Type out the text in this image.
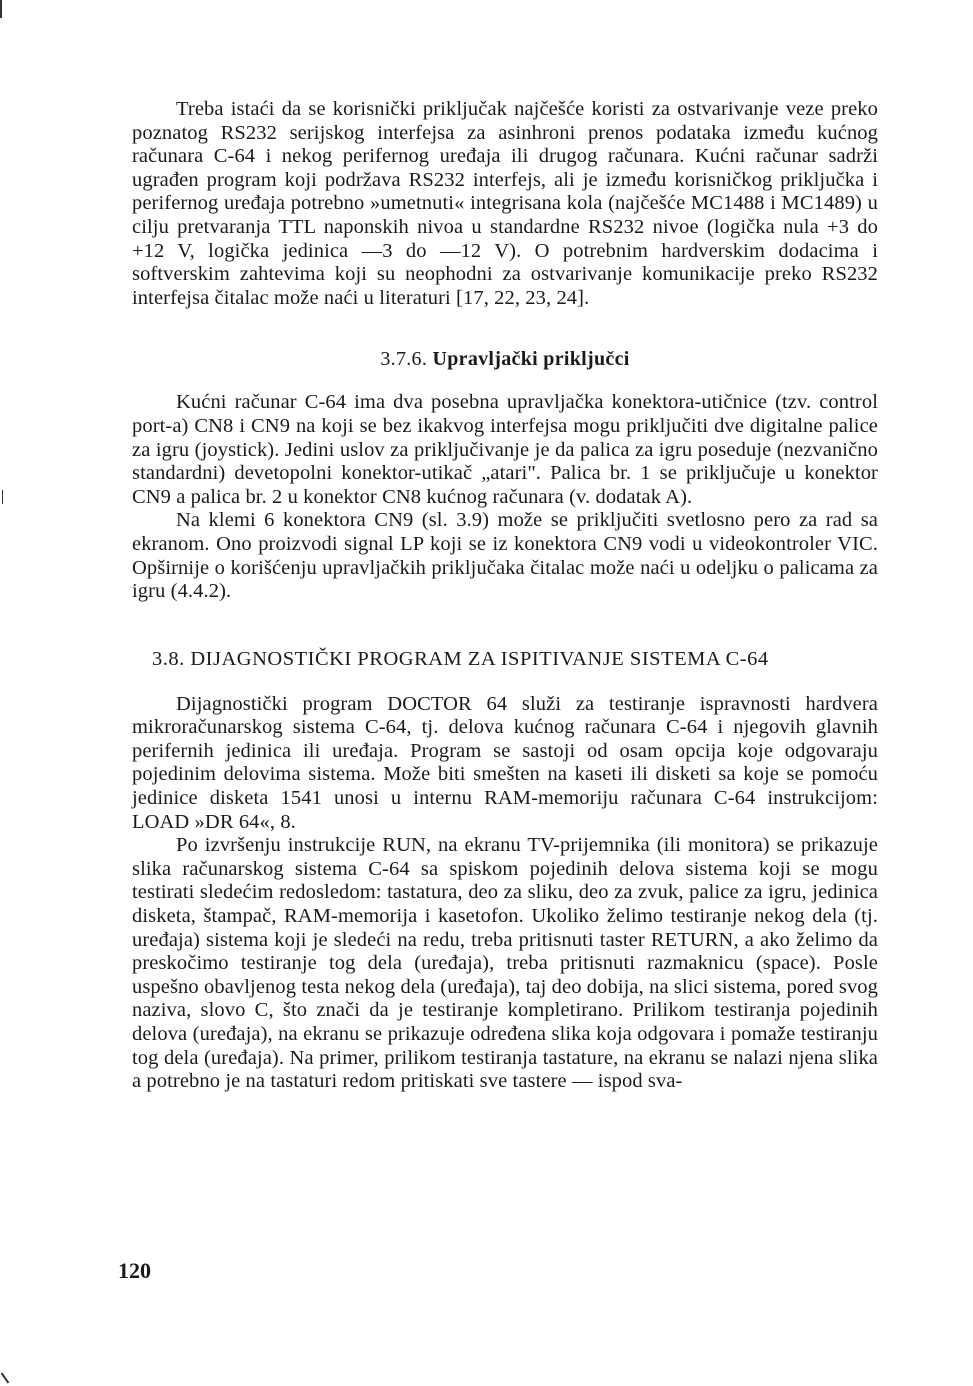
Treba istaći da se korisnički priključak najčešće koristi za ostvarivanje veze preko poznatog RS232 serijskog interfejsa za asinhroni prenos podataka između kućnog računara C-64 i nekog perifernog uređaja ili drugog računara. Kućni računar sadrži ugrađen program koji podržava RS232 interfejs, ali je između korisničkog priključka i perifernog uređaja potrebno »umetnuti« integrisana kola (najčešće MC1488 i MC1489) u cilju pretvaranja TTL naponskih nivoa u standardne RS232 nivoe (logička nula +3 do +12 V, logička jedinica —3 do —12 V). O potrebnim hardverskim dodacima i softverskim zahtevima koji su neophodni za ostvarivanje komunikacije preko RS232 interfejsa čitalac može naći u literaturi [17, 22, 23, 24].

3.7.6. Upravljački priključci

Kućni računar C-64 ima dva posebna upravljačka konektora-utičnice (tzv. control port-a) CN8 i CN9 na koji se bez ikakvog interfejsa mogu priključiti dve digitalne palice za igru (joystick). Jedini uslov za priključivanje je da palica za igru poseduje (nezvanično standardni) devetopolni konektor-utikač „atari". Palica br. 1 se priključuje u konektor CN9 a palica br. 2 u konektor CN8 kućnog računara (v. dodatak A).

Na klemi 6 konektora CN9 (sl. 3.9) može se priključiti svetlosno pero za rad sa ekranom. Ono proizvodi signal LP koji se iz konektora CN9 vodi u videokontroler VIC. Opširnije o korišćenju upravljačkih priključaka čitalac može naći u odeljku o palicama za igru (4.4.2).

3.8. DIJAGNOSTIČKI PROGRAM ZA ISPITIVANJE SISTEMA C-64

Dijagnostički program DOCTOR 64 služi za testiranje ispravnosti hardvera mikroračunarskog sistema C-64, tj. delova kućnog računara C-64 i njegovih glavnih perifernih jedinica ili uređaja. Program se sastoji od osam opcija koje odgovaraju pojedinim delovima sistema. Može biti smešten na kaseti ili disketi sa koje se pomoću jedinice disketa 1541 unosi u internu RAM-memoriju računara C-64 instrukcijom: LOAD »DR 64«, 8.

Po izvršenju instrukcije RUN, na ekranu TV-prijemnika (ili monitora) se prikazuje slika računarskog sistema C-64 sa spiskom pojedinih delova sistema koji se mogu testirati sledećim redosledom: tastatura, deo za sliku, deo za zvuk, palice za igru, jedinica disketa, štampač, RAM-memorija i kasetofon. Ukoliko želimo testiranje nekog dela (tj. uređaja) sistema koji je sledeći na redu, treba pritisnuti taster RETURN, a ako želimo da preskočimo testiranje tog dela (uređaja), treba pritisnuti razmaknicu (space). Posle uspešno obavljenog testa nekog dela (uređaja), taj deo dobija, na slici sistema, pored svog naziva, slovo C, što znači da je testiranje kompletirano. Prilikom testiranja pojedinih delova (uređaja), na ekranu se prikazuje određena slika koja odgovara i pomaže testiranju tog dela (uređaja). Na primer, prilikom testiranja tastature, na ekranu se nalazi njena slika a potrebno je na tastaturi redom pritiskati sve tastere — ispod sva-

120
